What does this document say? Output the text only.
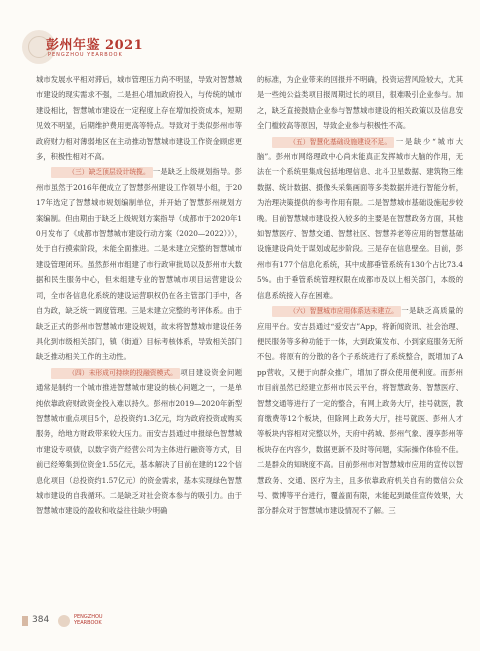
彭州年鉴 2021
PENGZHOU YEARBOOK

城市发展水平相对滞后，城市管理压力尚不明显，导致对智慧城市建设的现实需求不强，二是担心增加政府投入，与传统的城市建设相比，智慧城市建设在一定程度上存在增加投资成本，短期见效不明显，后期维护费用更高等特点。导致对于类似彭州市等政府财力相对薄弱地区在主动推动智慧城市建设工作资金顾虑更多，积极性相对不高。

（三）缺乏顶层设计统揽。 一是缺乏上级规划指导。彭州市虽然于2016年便成立了智慧彭州建设工作领导小组，于2017年选定了智慧城市规划编制单位，并开始了智慧彭州规划方案编制。但由期由于缺乏上级规划方案指导（成都市于2020年10月发布了《成都市智慧城市建设行动方案（2020—2022）》），处于自行摸索阶段，未能全面推进。二是未建立完整的智慧城市建设管理闭环。虽然彭州市组建了市行政审批局以及彭州市大数据和民生服务中心，但未组建专业的智慧城市项目运营建设公司，全市各信息化系统的建设运营职权仍在各主管部门手中，各自为政，缺乏统一调度管理。三是未建立完整的考评体系。由于缺乏正式的彭州市智慧城市建设规划，故未将智慧城市建设任务具化到市级相关部门，镇（街道）目标考核体系，导致相关部门缺乏推动相关工作的主动性。

（四）未形成可持续的投融资模式。 项目建设资金问题通常是制约一个城市推进智慧城市建设的核心问题之一，一是单纯依靠政府财政资金投入难以持久。彭州市2019—2020年新型智慧城市重点项目5个，总投资约1.3亿元，均为政府投资或购买服务，给地方财政带来较大压力。而安吉县通过申报绿色智慧城市建设专项债，以数字资产经营公司为主体进行融资等方式，目前已经筹集到位资金1.55亿元，基本解决了目前在建的122个信息化项目（总投资约1.57亿元）的资金需求，基本实现绿色智慧城市建设的自我循环。二是缺乏对社会资本参与的吸引力。由于智慧城市建设的盈收和收益往往缺少明确

的标准，为企业带来的回报并不明确，投资运营风险较大，尤其是一些纯公益类项目报周期过长的项目，很难吸引企业参与。加之，缺乏直接鼓励企业参与智慧城市建设的相关政策以及信息安全门槛较高等原因，导致企业参与积极性不高。

（五）智慧化基础设施建设不足。 一是缺少“城市大脑”。彭州市网络理政中心尚未能真正发挥城市大脑的作用，无法在一个系统里集成包括地理信息、北斗卫星数据、建筑物三维数据、统计数据、摄像头采集画面等多类数据并进行智能分析，为治理决策提供的参考作用有限。二是智慧城市基础设施起步较晚。目前智慧城市建设投入较多的主要是在智慧政务方面，其他如智慧医疗、智慧交通、智慧社区、智慧养老等应用的智慧基础设施建设尚处于谋划或起步阶段。三是存在信息壁垒。目前，彭州市有177个信息化系统，其中成都垂管系统有130个占比73.45%。由于垂管系统管理权限在成都市及以上相关部门，本级的信息系统接入存在困难。

（六）智慧城市应用体系达未建立。 一是缺乏高质量的应用平台。安吉县通过“爱安吉”App，将新闻资讯、社会治理、便民服务等多种功能于一体，大到政策发布、小到家庭服务无所不包。将原有的分散的各个子系统进行了系统整合，既增加了App营收，又便于向群众推广，增加了群众使用便利度。而彭州市目前虽然已经建立彭州市民云平台，将智慧政务、智慧医疗、智慧交通等进行了一定的整合，有网上政务大厅，挂号就医，教育缴费等12个板块，但除网上政务大厅，挂号就医、彭州人才等板块内容相对完整以外，天府中药城、彭州气象、漫享彭州等板块存在内容少，数据更新不及时等问题，实际操作体验不佳。二是群众的知晓度不高。目前彭州市对智慧城市应用的宣传以智慧政务、交通、医疗为主，且多依靠政府机关自有的微信公众号、微博等平台进行，覆盖面有限，未能起到最佳宣传效果，大部分群众对于智慧城市建设情况不了解。三

384	PENGZHOU
YEARBOOK
